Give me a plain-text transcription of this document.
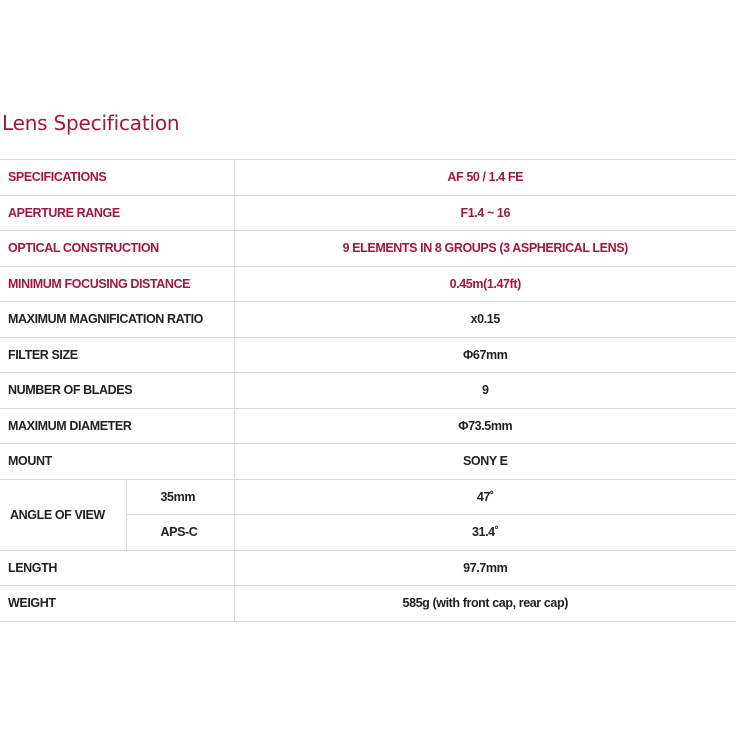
Lens Specification
SPECIFICATIONS		AF 50 / 1.4 FE
APERTURE RANGE		F1.4 ~ 16
OPTICAL CONSTRUCTION		9 ELEMENTS IN 8 GROUPS (3 ASPHERICAL LENS)
MINIMUM FOCUSING DISTANCE		0.45m(1.47ft)
MAXIMUM MAGNIFICATION RATIO		x0.15
FILTER SIZE		Φ67mm
NUMBER OF BLADES		9
MAXIMUM DIAMETER		Φ73.5mm
MOUNT		SONY E
ANGLE OF VIEW	35mm	47˚
	APS-C	31.4˚
LENGTH		97.7mm
WEIGHT		585g (with front cap, rear cap)
